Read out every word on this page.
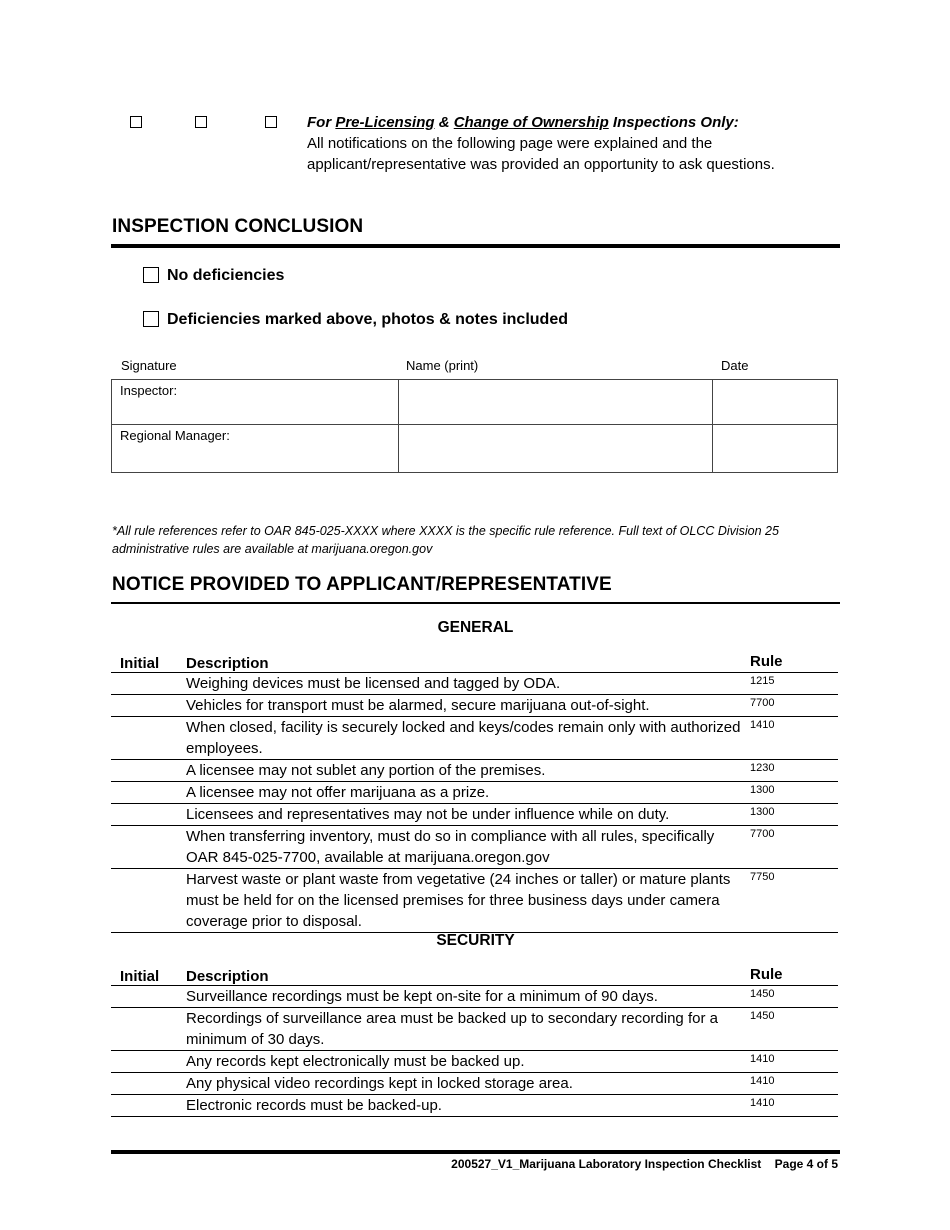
For Pre-Licensing & Change of Ownership Inspections Only:
All notifications on the following page were explained and the applicant/representative was provided an opportunity to ask questions.
INSPECTION CONCLUSION
No deficiencies
Deficiencies marked above, photos & notes included
Signature	Name (print)	Date
Inspector:		
Regional Manager:		
*All rule references refer to OAR 845-025-XXXX where XXXX is the specific rule reference. Full text of OLCC Division 25 administrative rules are available at marijuana.oregon.gov
NOTICE PROVIDED TO APPLICANT/REPRESENTATIVE
GENERAL
Initial	Description	Rule
	Weighing devices must be licensed and tagged by ODA.	1215
	Vehicles for transport must be alarmed, secure marijuana out-of-sight.	7700
	When closed, facility is securely locked and keys/codes remain only with authorized employees.	1410
	A licensee may not sublet any portion of the premises.	1230
	A licensee may not offer marijuana as a prize.	1300
	Licensees and representatives may not be under influence while on duty.	1300
	When transferring inventory, must do so in compliance with all rules, specifically OAR 845-025-7700, available at marijuana.oregon.gov	7700
	Harvest waste or plant waste from vegetative (24 inches or taller) or mature plants must be held for on the licensed premises for three business days under camera coverage prior to disposal.	7750
SECURITY
Initial	Description	Rule
	Surveillance recordings must be kept on-site for a minimum of 90 days.	1450
	Recordings of surveillance area must be backed up to secondary recording for a minimum of 30 days.	1450
	Any records kept electronically must be backed up.	1410
	Any physical video recordings kept in locked storage area.	1410
	Electronic records must be backed-up.	1410
200527_V1_Marijuana Laboratory Inspection Checklist Page 4 of 5
